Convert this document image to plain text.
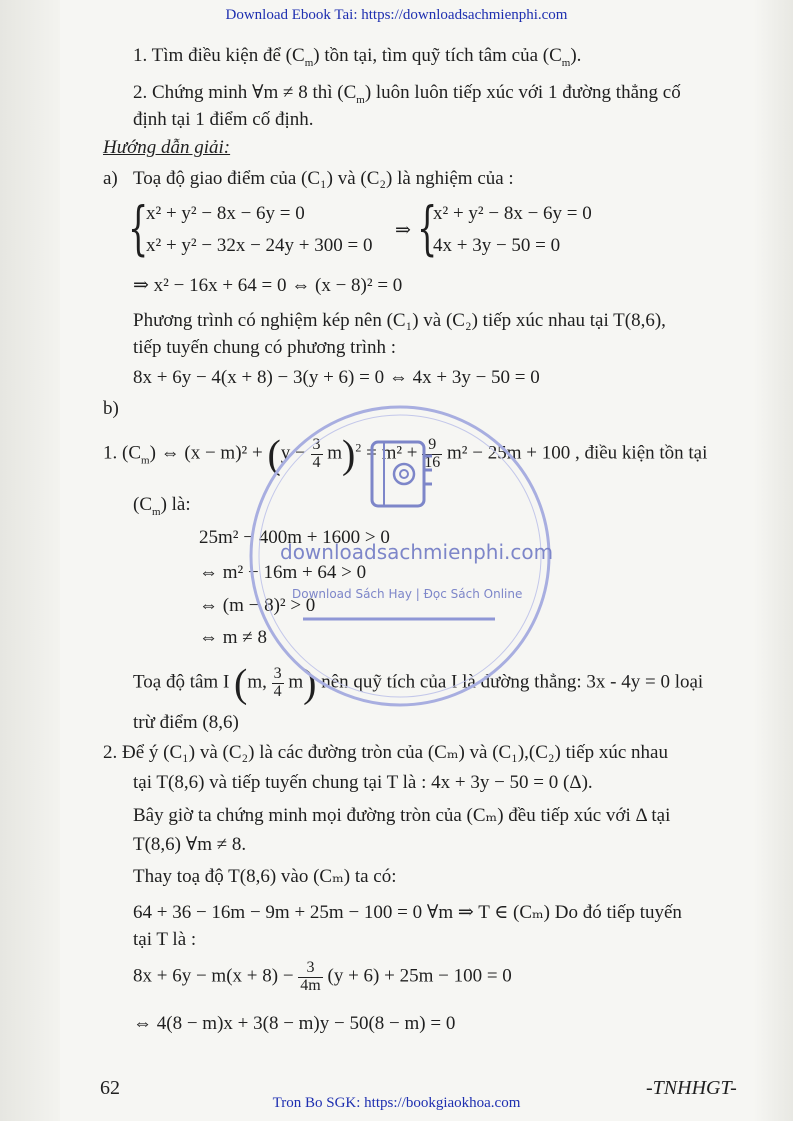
Download Ebook Tai: https://downloadsachmienphi.com
1. Tìm điều kiện để $(C_m)$ tồn tại, tìm quỹ tích tâm của $(C_m)$.
2. Chứng minh ∀m ≠ 8 thì $(C_m)$ luôn luôn tiếp xúc với 1 đường thẳng cố
định tại 1 điểm cố định.
Hướng dẫn giải:
a) Toạ độ giao điểm của (C₁) và (C₂) là nghiệm của :
{
x² + y² − 8x − 6y = 0
x² + y² − 32x − 24y + 300 = 0
⇒ {
x² + y² − 8x − 6y = 0
4x + 3y − 50 = 0
⇒ x² − 16x + 64 = 0 ⇔ (x − 8)² = 0
Phương trình có nghiệm kép nên (C₁) và (C₂) tiếp xúc nhau tại T(8,6),
tiếp tuyến chung có phương trình :
8x + 6y − 4(x + 8) − 3(y + 6) = 0 ⇔ 4x + 3y − 50 = 0
b)
1. $(C_m)$ ⇔ $(x - m)^2 + (y - \frac{3}{4} m)^2 = m^2 + \frac{9}{16} m^2 - 25m + 100$ , điều kiện tồn tại
$(C_m)$ là:
25m² − 400m + 1600 > 0
⇔ m² − 16m + 64 > 0
⇔ (m − 8)² > 0
⇔ m ≠ 8
Toạ độ tâm I (m, $\frac{3}{4} m$) nên quỹ tích của I là đường thẳng: 3x - 4y = 0 loại
trừ điểm (8,6)
2. Để ý (C₁) và (C₂) là các đường tròn của (Cₘ) và (C₁),(C₂) tiếp xúc nhau
tại T(8,6) và tiếp tuyến chung tại T là : 4x + 3y − 50 = 0 (Δ).
Bây giờ ta chứng minh mọi đường tròn của (Cₘ) đều tiếp xúc với Δ tại
T(8,6) ∀m ≠ 8.
Thay toạ độ T(8,6) vào (Cₘ) ta có:
64 + 36 − 16m − 9m + 25m − 100 = 0 ∀m ⇒ T ∈ (Cₘ) Do đó tiếp tuyến
tại T là :
$8x + 6y - m(x + 8) - \frac{3}{4m} (y + 6) + 25m - 100 = 0$
⇔ 4(8 − m)x + 3(8 − m)y − 50(8 − m) = 0
downloadsachmienphi.com
Download Sách Hay | Đọc Sách Online
62	-TNHHGT-
Tron Bo SGK: https://bookgiaokhoa.com
